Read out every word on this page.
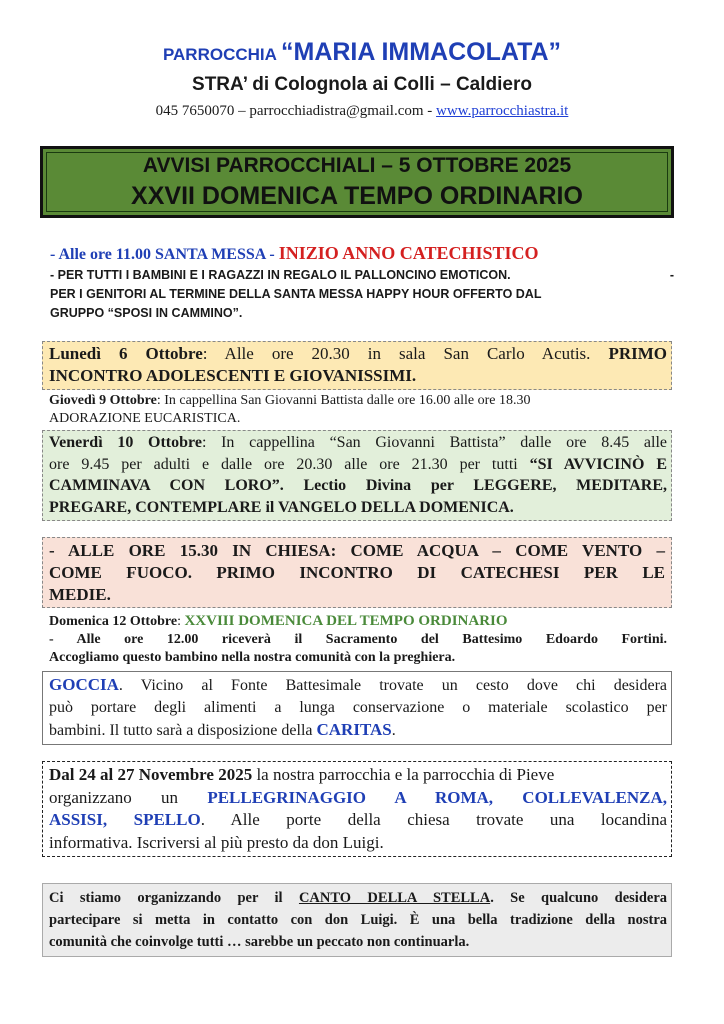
PARROCCHIA “MARIA IMMACOLATA”
STRA’ di Colognola ai Colli – Caldiero
045 7650070 – parrocchiadistra@gmail.com - www.parrocchiastra.it
AVVISI PARROCCHIALI – 5 OTTOBRE 2025
XXVII DOMENICA TEMPO ORDINARIO
- Alle ore 11.00 SANTA MESSA - INIZIO ANNO CATECHISTICO
- PER TUTTI I BAMBINI E I RAGAZZI IN REGALO IL PALLONCINO EMOTICON.	-
PER I GENITORI AL TERMINE DELLA SANTA MESSA HAPPY HOUR OFFERTO DAL
GRUPPO “SPOSI IN CAMMINO”.
Lunedì 6 Ottobre: Alle ore 20.30 in sala San Carlo Acutis. PRIMO
INCONTRO ADOLESCENTI E GIOVANISSIMI.
Giovedì 9 Ottobre: In cappellina San Giovanni Battista dalle ore 16.00 alle ore 18.30
ADORAZIONE EUCARISTICA.
Venerdì 10 Ottobre: In cappellina “San Giovanni Battista” dalle ore 8.45 alle
ore 9.45 per adulti e dalle ore 20.30 alle ore 21.30 per tutti “SI AVVICINÒ E
CAMMINAVA CON LORO”. Lectio Divina per LEGGERE, MEDITARE,
PREGARE, CONTEMPLARE il VANGELO DELLA DOMENICA.
- ALLE ORE 15.30 IN CHIESA: COME ACQUA – COME VENTO –
COME FUOCO. PRIMO INCONTRO DI CATECHESI PER LE
MEDIE.
Domenica 12 Ottobre: XXVIII DOMENICA DEL TEMPO ORDINARIO
- Alle ore 12.00 riceverà il Sacramento del Battesimo Edoardo Fortini.
Accogliamo questo bambino nella nostra comunità con la preghiera.
GOCCIA. Vicino al Fonte Battesimale trovate un cesto dove chi desidera
può portare degli alimenti a lunga conservazione o materiale scolastico per
bambini. Il tutto sarà a disposizione della CARITAS.
Dal 24 al 27 Novembre 2025 la nostra parrocchia e la parrocchia di Pieve
organizzano un PELLEGRINAGGIO A ROMA, COLLEVALENZA,
ASSISI, SPELLO. Alle porte della chiesa trovate una locandina
informativa. Iscriversi al più presto da don Luigi.
Ci stiamo organizzando per il CANTO DELLA STELLA. Se qualcuno desidera
partecipare si metta in contatto con don Luigi. È una bella tradizione della nostra
comunità che coinvolge tutti … sarebbe un peccato non continuarla.
